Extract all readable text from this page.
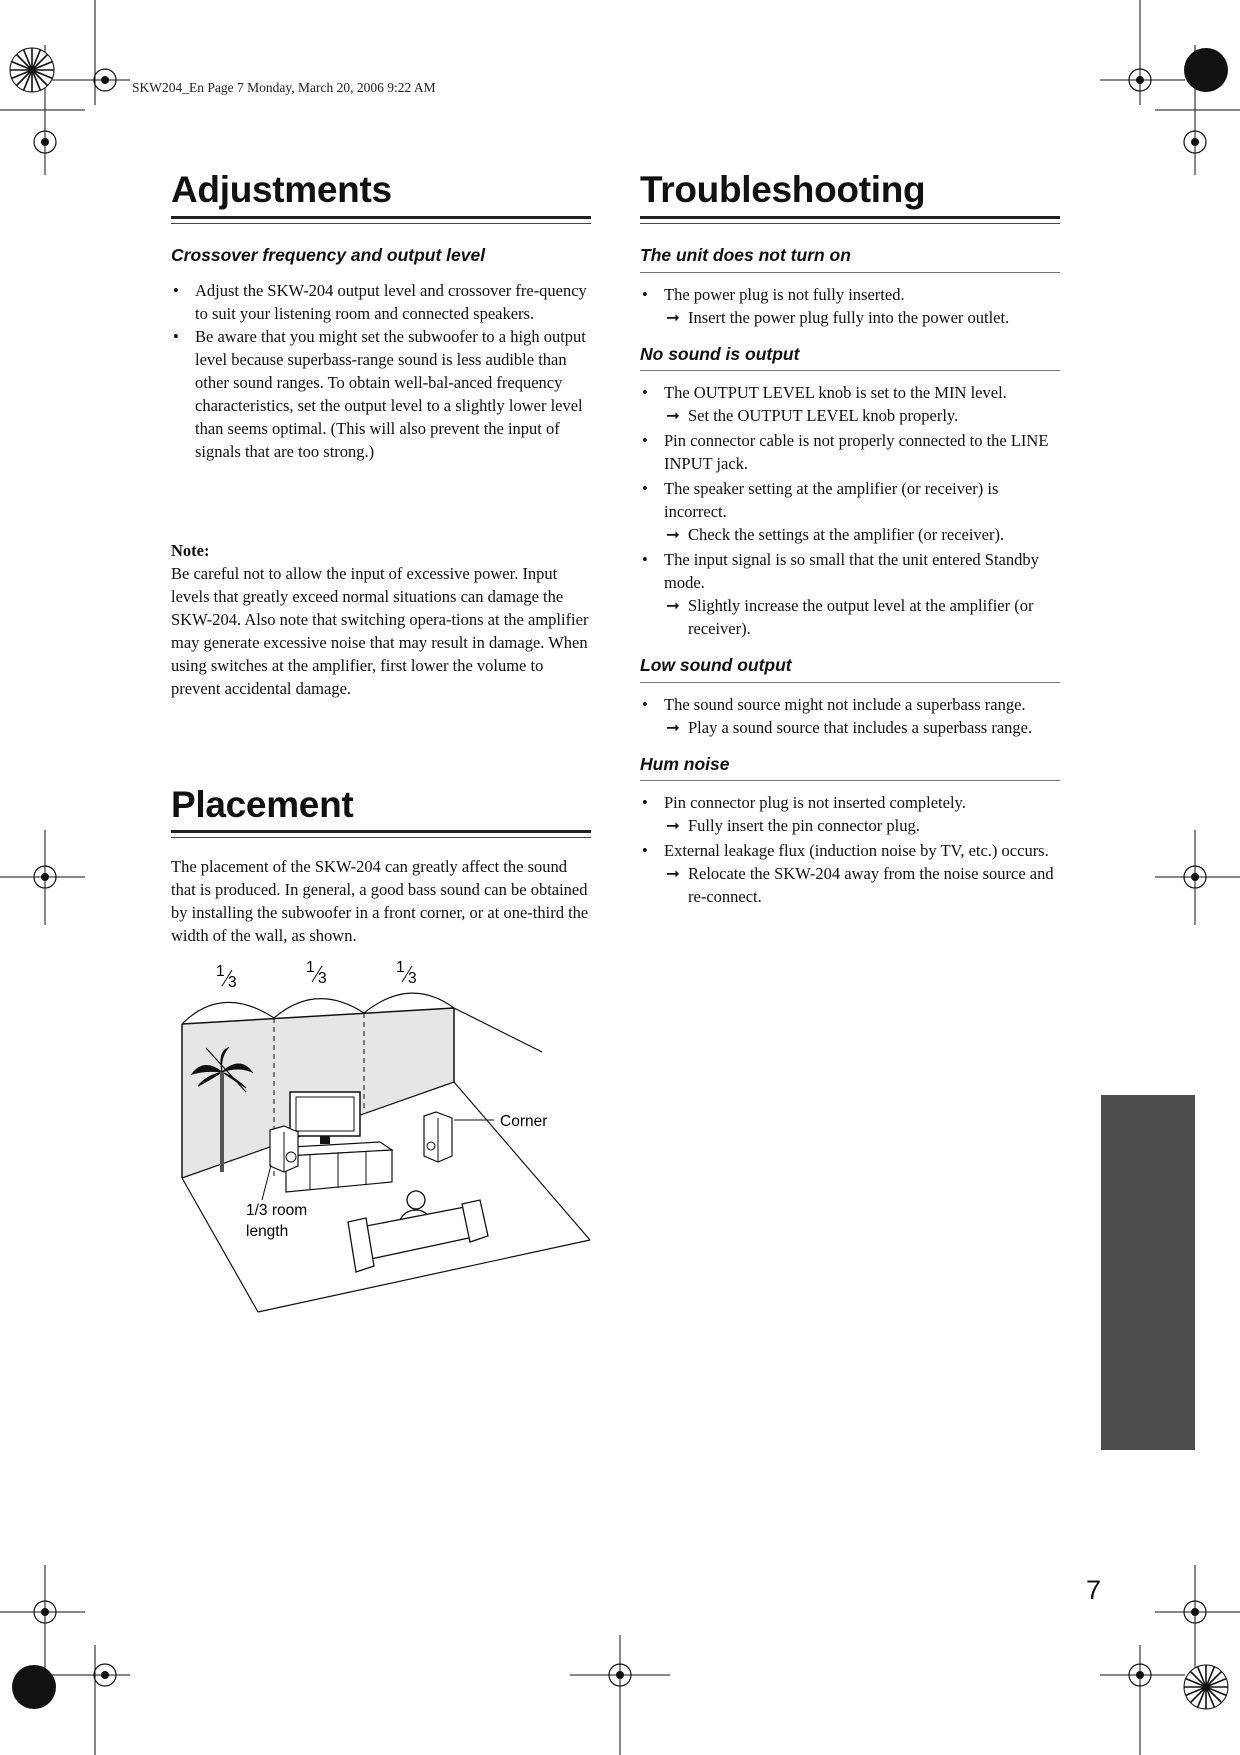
SKW204_En Page 7 Monday, March 20, 2006 9:22 AM
Adjustments
Crossover frequency and output level
• Adjust the SKW-204 output level and crossover fre-quency to suit your listening room and connected speakers.
• Be aware that you might set the subwoofer to a high output level because superbass-range sound is less audible than other sound ranges. To obtain well-bal-anced frequency characteristics, set the output level to a slightly lower level than seems optimal. (This will also prevent the input of signals that are too strong.)
Note:
Be careful not to allow the input of excessive power. Input levels that greatly exceed normal situations can damage the SKW-204. Also note that switching opera-tions at the amplifier may generate excessive noise that may result in damage. When using switches at the amplifier, first lower the volume to prevent accidental damage.
Placement
The placement of the SKW-204 can greatly affect the sound that is produced. In general, a good bass sound can be obtained by installing the subwoofer in a front corner, or at one-third the width of the wall, as shown.
1
3
1
3
1
3
Corner
1/3 room
length
Troubleshooting
The unit does not turn on
• The power plug is not fully inserted.
➞ Insert the power plug fully into the power outlet.
No sound is output
• The OUTPUT LEVEL knob is set to the MIN level.
➞ Set the OUTPUT LEVEL knob properly.
• Pin connector cable is not properly connected to the LINE INPUT jack.
• The speaker setting at the amplifier (or receiver) is incorrect.
➞ Check the settings at the amplifier (or receiver).
• The input signal is so small that the unit entered Standby mode.
➞ Slightly increase the output level at the amplifier (or receiver).
Low sound output
• The sound source might not include a superbass range.
➞ Play a sound source that includes a superbass range.
Hum noise
• Pin connector plug is not inserted completely.
➞ Fully insert the pin connector plug.
• External leakage flux (induction noise by TV, etc.) occurs.
➞ Relocate the SKW-204 away from the noise source and re-connect.
7
